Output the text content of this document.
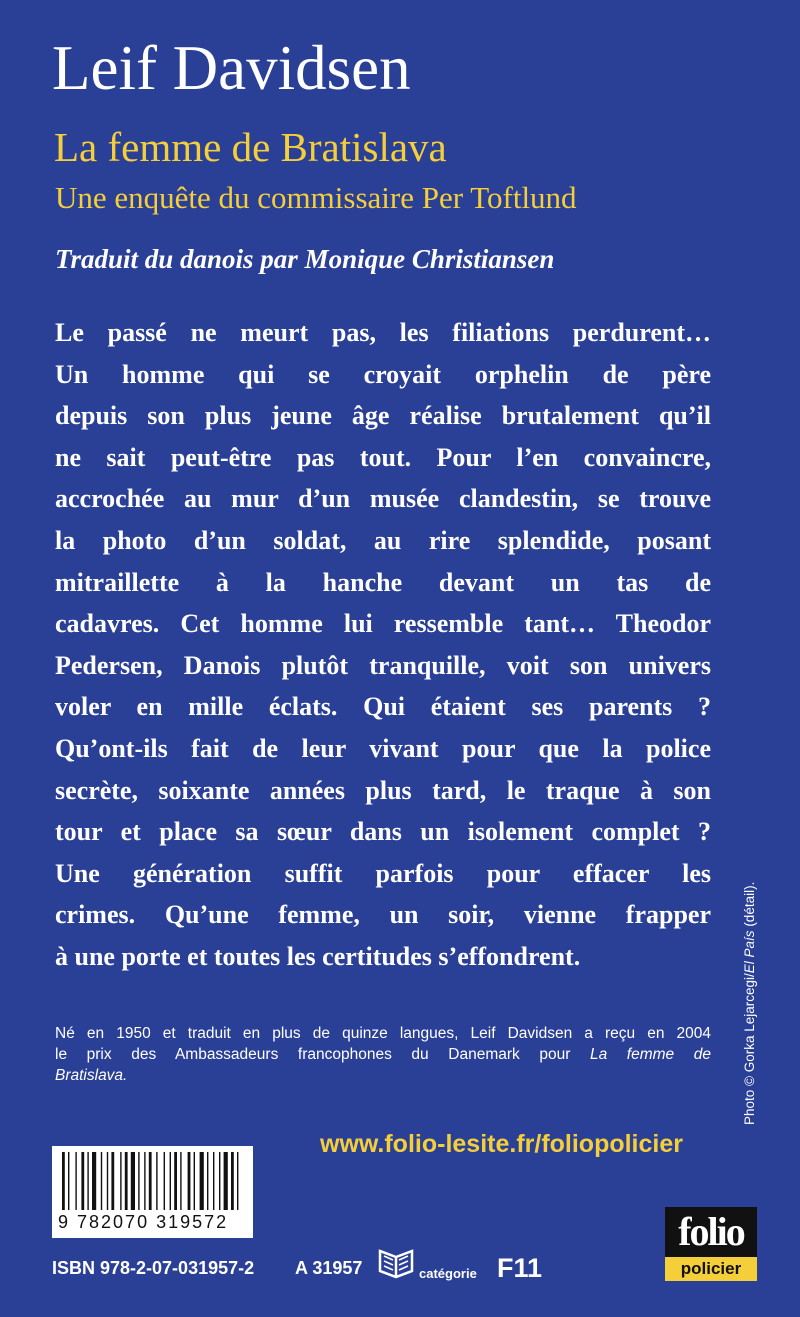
Leif Davidsen
La femme de Bratislava
Une enquête du commissaire Per Toftlund
Traduit du danois par Monique Christiansen
Le passé ne meurt pas, les filiations perdurent…
Un homme qui se croyait orphelin de père
depuis son plus jeune âge réalise brutalement qu’il
ne sait peut-être pas tout. Pour l’en convaincre,
accrochée au mur d’un musée clandestin, se trouve
la photo d’un soldat, au rire splendide, posant
mitraillette à la hanche devant un tas de
cadavres. Cet homme lui ressemble tant… Theodor
Pedersen, Danois plutôt tranquille, voit son univers
voler en mille éclats. Qui étaient ses parents ?
Qu’ont-ils fait de leur vivant pour que la police
secrète, soixante années plus tard, le traque à son
tour et place sa sœur dans un isolement complet ?
Une génération suffit parfois pour effacer les
crimes. Qu’une femme, un soir, vienne frapper
à une porte et toutes les certitudes s’effondrent.
Né en 1950 et traduit en plus de quinze langues, Leif Davidsen a reçu en 2004
le prix des Ambassadeurs francophones du Danemark pour La femme de
Bratislava.	Photo © Gorka Lejarcegi/El País (détail).
www.folio-lesite.fr/foliopolicier
9 782070 319572
ISBN 978-2-07-031957-2 A 31957	catégorie F11
folio
policier
